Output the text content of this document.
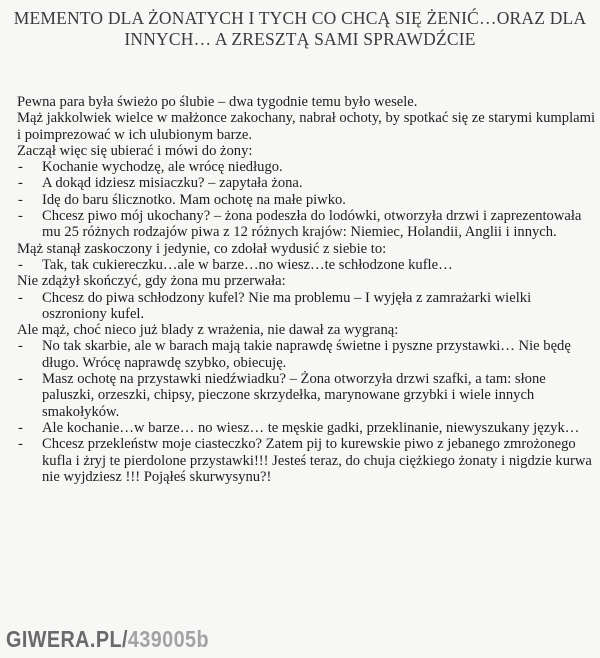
MEMENTO DLA ŻONATYCH I TYCH CO CHCĄ SIĘ ŻENIĆ…ORAZ DLA
INNYCH… A ZRESZTĄ SAMI SPRAWDŹCIE

Pewna para była świeżo po ślubie – dwa tygodnie temu było wesele.

Mąż jakkolwiek wielce w małżonce zakochany, nabrał ochoty, by spotkać się ze starymi kumplami i poimprezować w ich ulubionym barze.

Zaczął więc się ubierać i mówi do żony:

- Kochanie wychodzę, ale wrócę niedługo.
- A dokąd idziesz misiaczku? – zapytała żona.
- Idę do baru ślicznotko. Mam ochotę na małe piwko.
- Chcesz piwo mój ukochany? – żona podeszła do lodówki, otworzyła drzwi i zaprezentowała mu 25 różnych rodzajów piwa z 12 różnych krajów: Niemiec, Holandii, Anglii i innych.

Mąż stanął zaskoczony i jedynie, co zdołał wydusić z siebie to:

- Tak, tak cukiereczku…ale w barze…no wiesz…te schłodzone kufle…

Nie zdążył skończyć, gdy żona mu przerwała:

- Chcesz do piwa schłodzony kufel? Nie ma problemu – I wyjęła z zamrażarki wielki oszroniony kufel.

Ale mąż, choć nieco już blady z wrażenia, nie dawał za wygraną:

- No tak skarbie, ale w barach mają takie naprawdę świetne i pyszne przystawki… Nie będę długo. Wrócę naprawdę szybko, obiecuję.
- Masz ochotę na przystawki niedźwiadku? – Żona otworzyła drzwi szafki, a tam: słone paluszki, orzeszki, chipsy, pieczone skrzydełka, marynowane grzybki i wiele innych smakołyków.
- Ale kochanie…w barze… no wiesz… te męskie gadki, przeklinanie, niewyszukany język…
- Chcesz przekleństw moje ciasteczko? Zatem pij to kurewskie piwo z jebanego zmrożonego kufla i żryj te pierdolone przystawki!!! Jesteś teraz, do chuja ciężkiego żonaty i nigdzie kurwa nie wyjdziesz !!! Pojąłeś skurwysynu?!
GIWERA.PL/439005b
